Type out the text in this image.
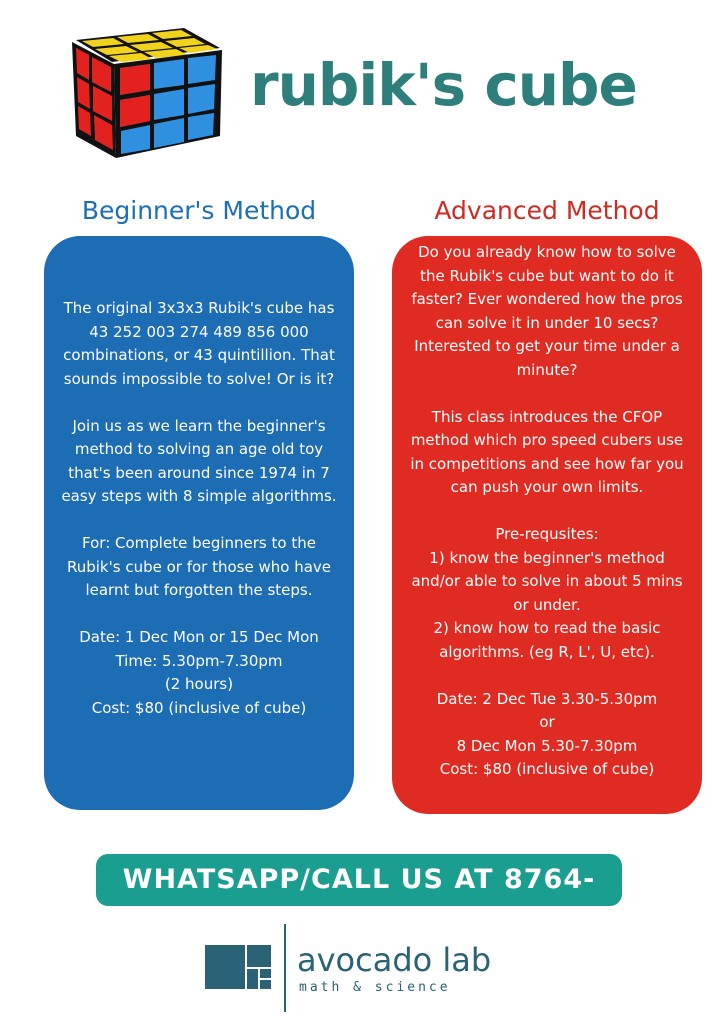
rubik's cube
Beginner's Method	Advanced Method

The original 3x3x3 Rubik's cube has

43 252 003 274 489 856 000

combinations, or 43 quintillion. That

sounds impossible to solve! Or is it?

Join us as we learn the beginner's

method to solving an age old toy

that's been around since 1974 in 7

easy steps with 8 simple algorithms.

For: Complete beginners to the

Rubik's cube or for those who have

learnt but forgotten the steps.

Date: 1 Dec Mon or 15 Dec Mon

Time: 5.30pm-7.30pm

(2 hours)

Cost: $80 (inclusive of cube)

Do you already know how to solve

the Rubik's cube but want to do it

faster? Ever wondered how the pros

can solve it in under 10 secs?

Interested to get your time under a

minute?

This class introduces the CFOP

method which pro speed cubers use

in competitions and see how far you

can push your own limits.

Pre-requsites:

1) know the beginner's method

and/or able to solve in about 5 mins

or under.

2) know how to read the basic

algorithms. (eg R, L', U, etc).

Date: 2 Dec Tue 3.30-5.30pm

or

8 Dec Mon 5.30-7.30pm

Cost: $80 (inclusive of cube)

WHATSAPP/CALL US AT 8764-8720
avocado lab
math & science
